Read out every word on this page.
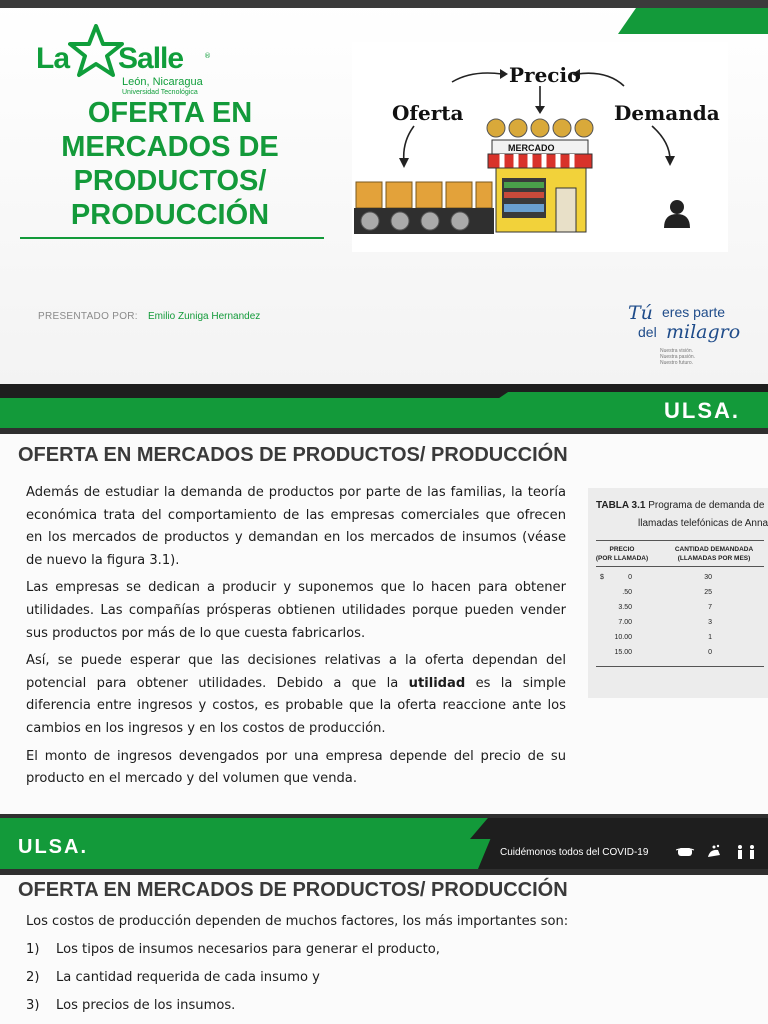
La Salle	®
León, Nicaragua
Universidad Tecnológica
OFERTA EN
MERCADOS DE
PRODUCTOS/
PRODUCCIÓN
Precio
Oferta	Demanda
MERCADO
PRESENTADO POR: Emilio Zuniga Hernandez	Tú eres parte
del milagro
Nuestra visión.
Nuestra pasión.
Nuestro futuro.
ULSA.
OFERTA EN MERCADOS DE PRODUCTOS/ PRODUCCIÓN

Además de estudiar la demanda de productos por parte de las familias, la teoría económica trata del comportamiento de las empresas comerciales que ofrecen en los mercados de productos y demandan en los mercados de insumos (véase de nuevo la figura 3.1).

Las empresas se dedican a producir y suponemos que lo hacen para obtener utilidades. Las compañías prósperas obtienen utilidades porque pueden vender sus productos por más de lo que cuesta fabricarlos.

Así, se puede esperar que las decisiones relativas a la oferta dependan del potencial para obtener utilidades. Debido a que la utilidad es la simple diferencia entre ingresos y costos, es probable que la oferta reaccione ante los cambios en los ingresos y en los costos de producción.

El monto de ingresos devengados por una empresa depende del precio de su producto en el mercado y del volumen que venda.

TABLA 3.1 Programa de demanda de
llamadas telefónicas de Anna
PRECIO
(POR LLAMADA)
CANTIDAD DEMANDADA
(LLAMADAS POR MES)
$	0	30
.50	25
3.50	7
7.00	3
10.00	1
15.00	0
ULSA.	Cuidémonos todos del COVID-19
OFERTA EN MERCADOS DE PRODUCTOS/ PRODUCCIÓN
Los costos de producción dependen de muchos factores, los más importantes son:
1) Los tipos de insumos necesarios para generar el producto,
2) La cantidad requerida de cada insumo y
3) Los precios de los insumos.
